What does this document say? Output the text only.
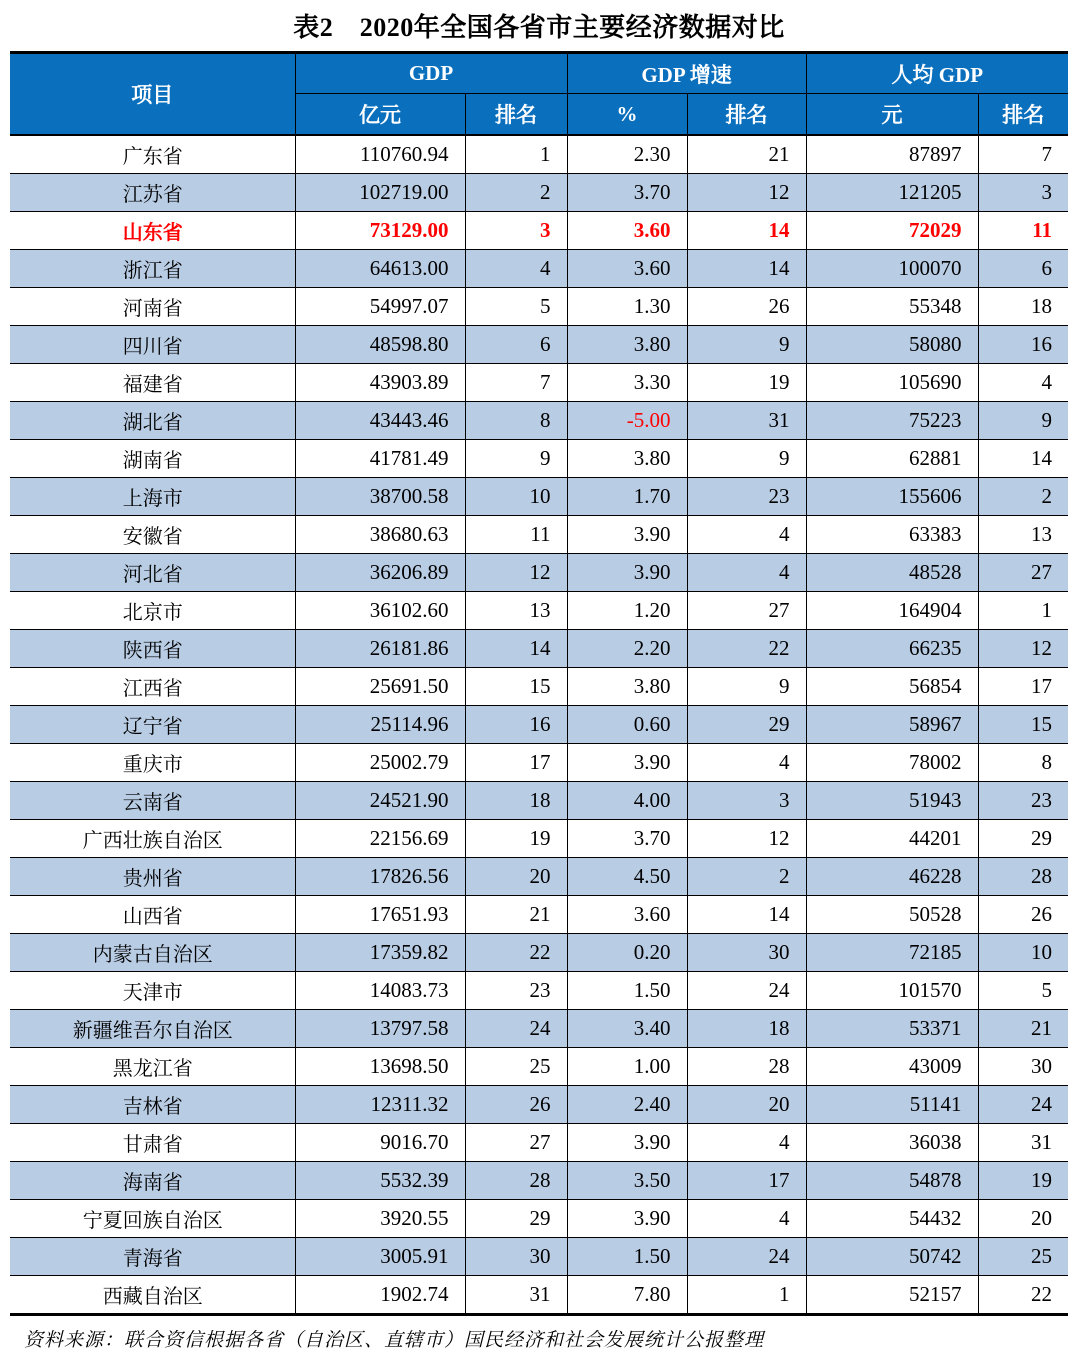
表2　2020年全国各省市主要经济数据对比
项目	GDP		GDP 增速		人均 GDP	
	亿元	排名	%	排名	元	排名
广东省	110760.94	1	2.30	21	87897	7
江苏省	102719.00	2	3.70	12	121205	3
山东省	73129.00	3	3.60	14	72029	11
浙江省	64613.00	4	3.60	14	100070	6
河南省	54997.07	5	1.30	26	55348	18
四川省	48598.80	6	3.80	9	58080	16
福建省	43903.89	7	3.30	19	105690	4
湖北省	43443.46	8	-5.00	31	75223	9
湖南省	41781.49	9	3.80	9	62881	14
上海市	38700.58	10	1.70	23	155606	2
安徽省	38680.63	11	3.90	4	63383	13
河北省	36206.89	12	3.90	4	48528	27
北京市	36102.60	13	1.20	27	164904	1
陕西省	26181.86	14	2.20	22	66235	12
江西省	25691.50	15	3.80	9	56854	17
辽宁省	25114.96	16	0.60	29	58967	15
重庆市	25002.79	17	3.90	4	78002	8
云南省	24521.90	18	4.00	3	51943	23
广西壮族自治区	22156.69	19	3.70	12	44201	29
贵州省	17826.56	20	4.50	2	46228	28
山西省	17651.93	21	3.60	14	50528	26
内蒙古自治区	17359.82	22	0.20	30	72185	10
天津市	14083.73	23	1.50	24	101570	5
新疆维吾尔自治区	13797.58	24	3.40	18	53371	21
黑龙江省	13698.50	25	1.00	28	43009	30
吉林省	12311.32	26	2.40	20	51141	24
甘肃省	9016.70	27	3.90	4	36038	31
海南省	5532.39	28	3.50	17	54878	19
宁夏回族自治区	3920.55	29	3.90	4	54432	20
青海省	3005.91	30	1.50	24	50742	25
西藏自治区	1902.74	31	7.80	1	52157	22
资料来源：联合资信根据各省（自治区、直辖市）国民经济和社会发展统计公报整理
